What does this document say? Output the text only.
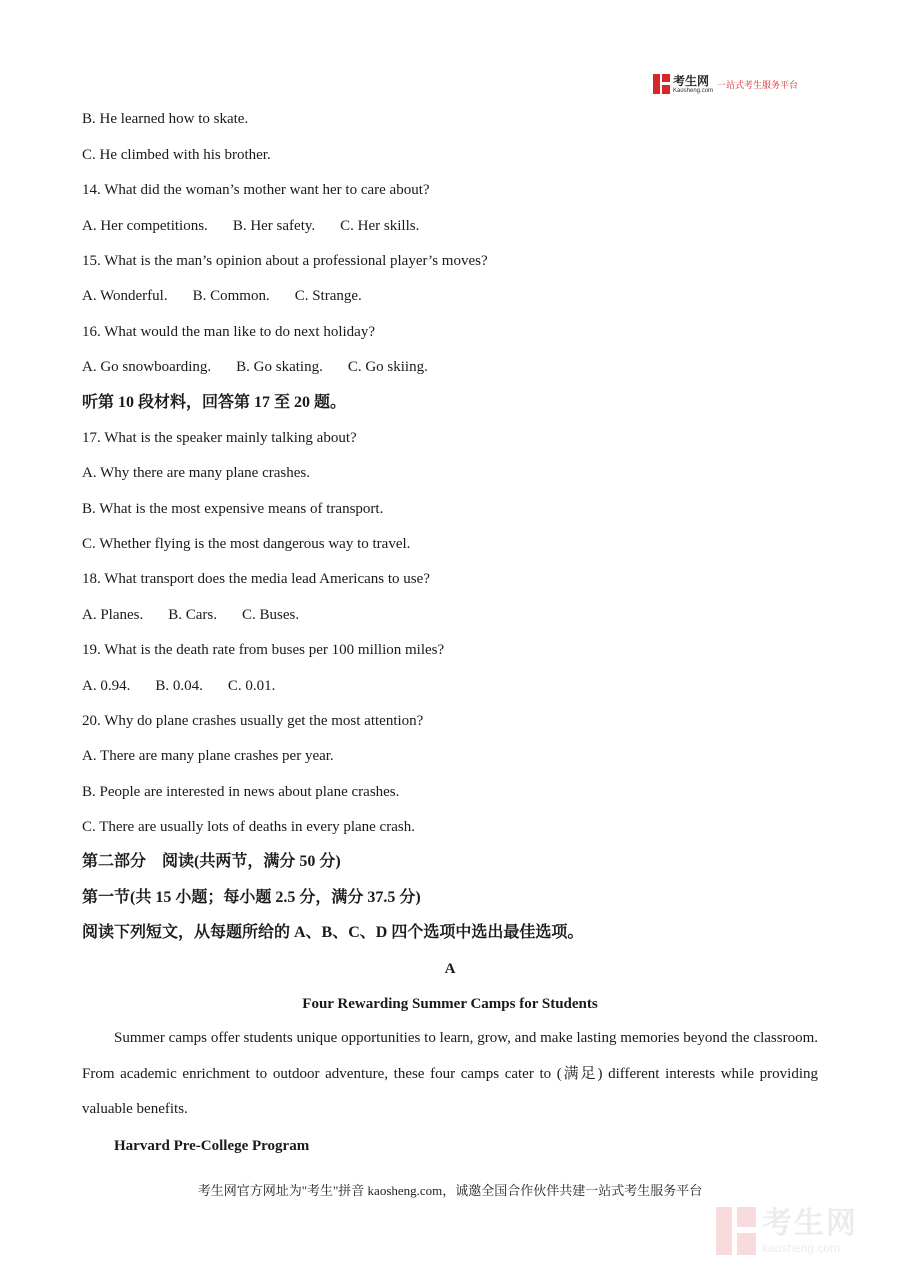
考生网
Kaosheng.com 一站式考生服务平台
B. He learned how to skate.
C. He climbed with his brother.
14. What did the woman’s mother want her to care about?
A. Her competitions. B. Her safety. C. Her skills.
15. What is the man’s opinion about a professional player’s moves?
A. Wonderful. B. Common. C. Strange.
16. What would the man like to do next holiday?
A. Go snowboarding. B. Go skating. C. Go skiing.
听第 10 段材料，回答第 17 至 20 题。
17. What is the speaker mainly talking about?
A. Why there are many plane crashes.
B. What is the most expensive means of transport.
C. Whether flying is the most dangerous way to travel.
18. What transport does the media lead Americans to use?
A. Planes. B. Cars. C. Buses.
19. What is the death rate from buses per 100 million miles?
A. 0.94. B. 0.04. C. 0.01.
20. Why do plane crashes usually get the most attention?
A. There are many plane crashes per year.
B. People are interested in news about plane crashes.
C. There are usually lots of deaths in every plane crash.
第二部分　阅读(共两节，满分 50 分)
第一节(共 15 小题；每小题 2.5 分，满分 37.5 分)
阅读下列短文，从每题所给的 A、B、C、D 四个选项中选出最佳选项。
A
Four Rewarding Summer Camps for Students
Summer camps offer students unique opportunities to learn, grow, and make lasting memories beyond the classroom. From academic enrichment to outdoor adventure, these four camps cater to (满足) different interests while providing valuable benefits.
Harvard Pre-College Program
考生网官方网址为"考生"拼音 kaosheng.com，诚邀全国合作伙伴共建一站式考生服务平台
考生网
kaosheng.com
